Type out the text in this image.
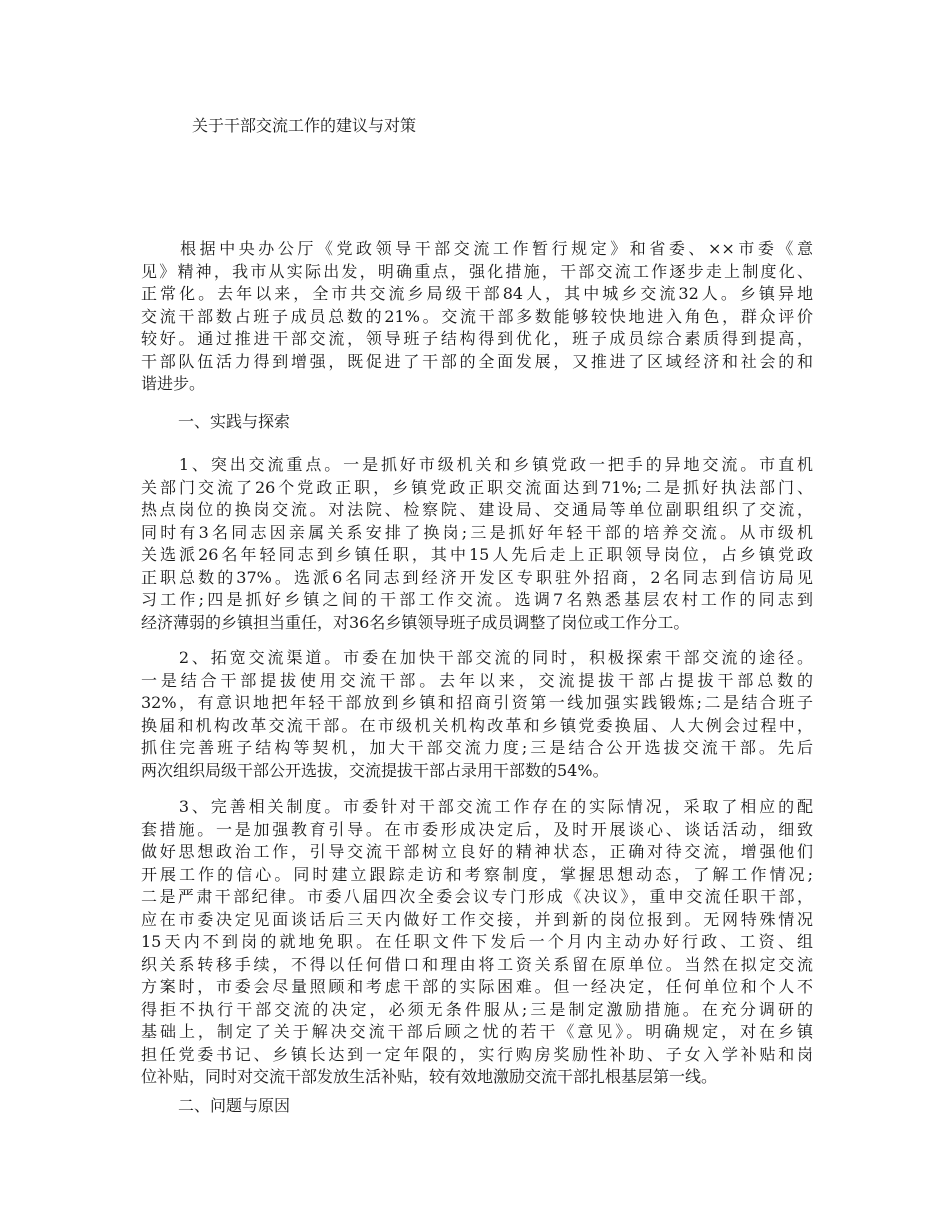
关于干部交流工作的建议与对策
　　根据中央办公厅《党政领导干部交流工作暂行规定》和省委、××市委《意
见》精神，我市从实际出发，明确重点，强化措施，干部交流工作逐步走上制度化、
正常化。去年以来，全市共交流乡局级干部84人，其中城乡交流32人。乡镇异地
交流干部数占班子成员总数的21%。交流干部多数能够较快地进入角色，群众评价
较好。通过推进干部交流，领导班子结构得到优化，班子成员综合素质得到提高，
干部队伍活力得到增强，既促进了干部的全面发展，又推进了区域经济和社会的和
谐进步。
一、实践与探索
　　1、突出交流重点。一是抓好市级机关和乡镇党政一把手的异地交流。市直机
关部门交流了26个党政正职，乡镇党政正职交流面达到71%;二是抓好执法部门、
热点岗位的换岗交流。对法院、检察院、建设局、交通局等单位副职组织了交流，
同时有3名同志因亲属关系安排了换岗;三是抓好年轻干部的培养交流。从市级机
关选派26名年轻同志到乡镇任职，其中15人先后走上正职领导岗位，占乡镇党政
正职总数的37%。选派6名同志到经济开发区专职驻外招商，2名同志到信访局见
习工作;四是抓好乡镇之间的干部工作交流。选调7名熟悉基层农村工作的同志到
经济薄弱的乡镇担当重任，对36名乡镇领导班子成员调整了岗位或工作分工。
　　2、拓宽交流渠道。市委在加快干部交流的同时，积极探索干部交流的途径。
一是结合干部提拔使用交流干部。去年以来，交流提拔干部占提拔干部总数的
32%，有意识地把年轻干部放到乡镇和招商引资第一线加强实践锻炼;二是结合班子
换届和机构改革交流干部。在市级机关机构改革和乡镇党委换届、人大例会过程中，
抓住完善班子结构等契机，加大干部交流力度;三是结合公开选拔交流干部。先后
两次组织局级干部公开选拔，交流提拔干部占录用干部数的54%。
　　3、完善相关制度。市委针对干部交流工作存在的实际情况，采取了相应的配
套措施。一是加强教育引导。在市委形成决定后，及时开展谈心、谈话活动，细致
做好思想政治工作，引导交流干部树立良好的精神状态，正确对待交流，增强他们
开展工作的信心。同时建立跟踪走访和考察制度，掌握思想动态，了解工作情况;
二是严肃干部纪律。市委八届四次全委会议专门形成《决议》，重申交流任职干部，
应在市委决定见面谈话后三天内做好工作交接，并到新的岗位报到。无网特殊情况
15天内不到岗的就地免职。在任职文件下发后一个月内主动办好行政、工资、组
织关系转移手续，不得以任何借口和理由将工资关系留在原单位。当然在拟定交流
方案时，市委会尽量照顾和考虑干部的实际困难。但一经决定，任何单位和个人不
得拒不执行干部交流的决定，必须无条件服从;三是制定激励措施。在充分调研的
基础上，制定了关于解决交流干部后顾之忧的若干《意见》。明确规定，对在乡镇
担任党委书记、乡镇长达到一定年限的，实行购房奖励性补助、子女入学补贴和岗
位补贴，同时对交流干部发放生活补贴，较有效地激励交流干部扎根基层第一线。
二、问题与原因
